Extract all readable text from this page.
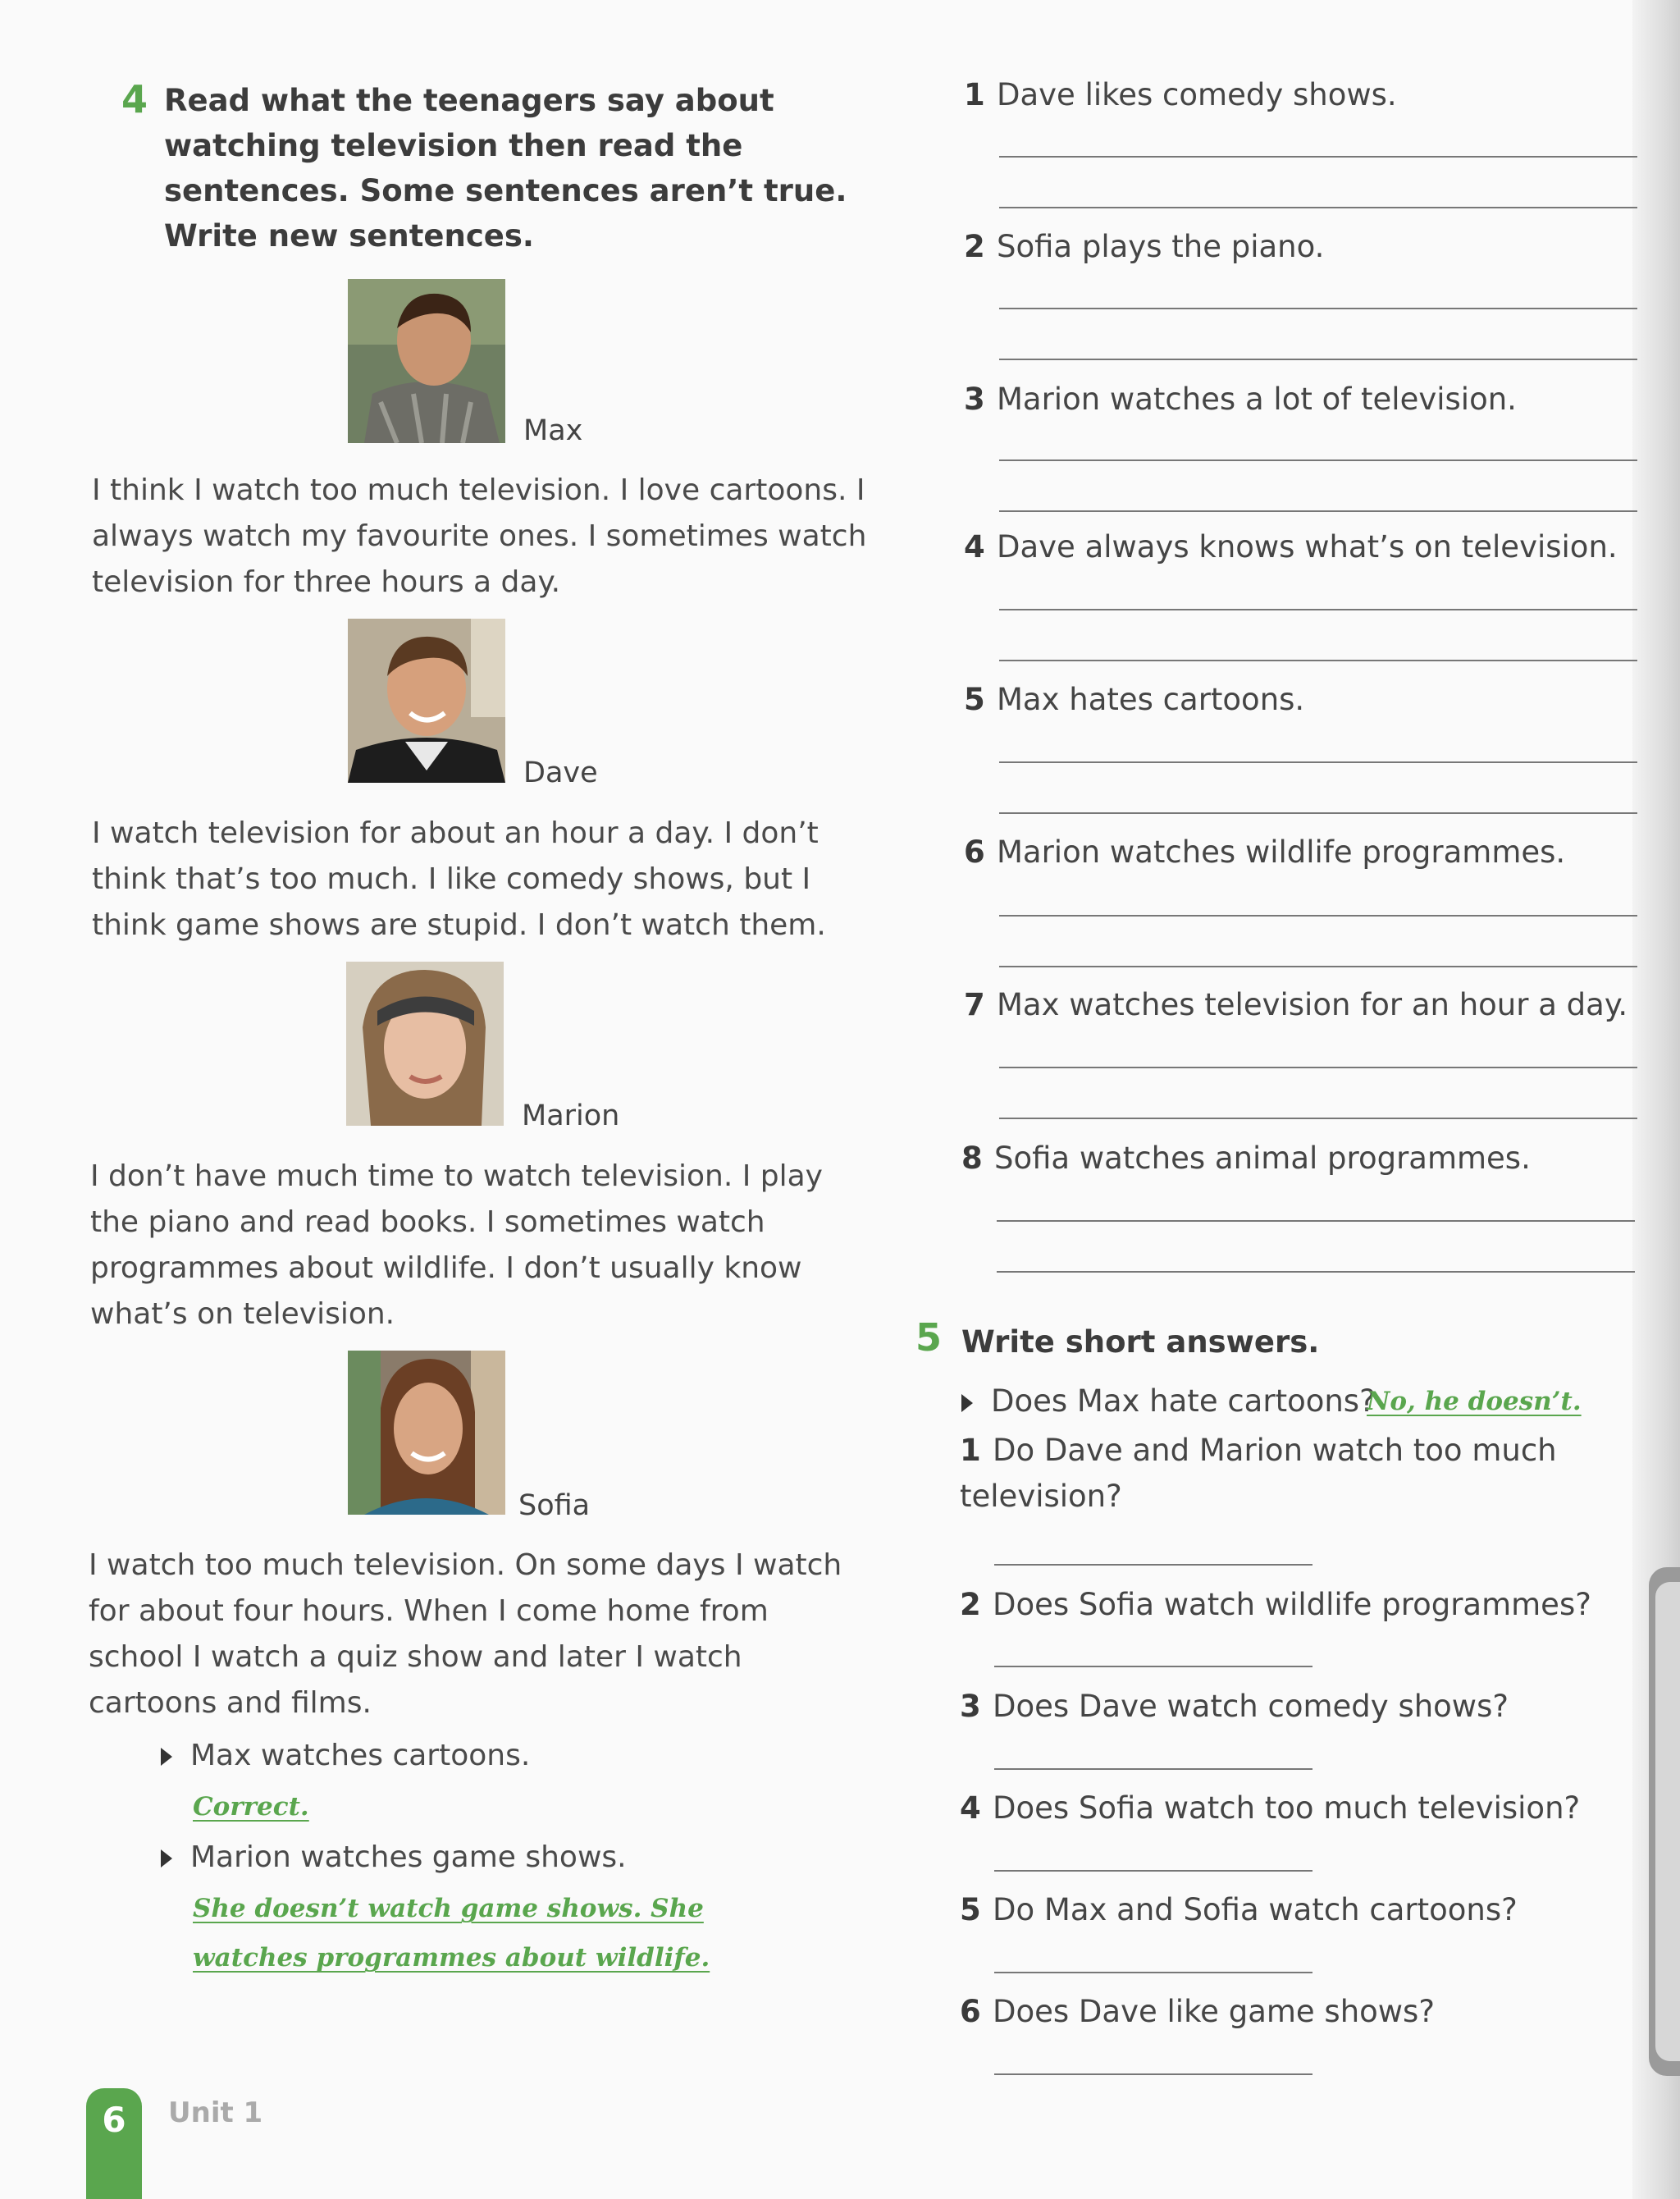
4 Read what the teenagers say about watching television then read the sentences. Some sentences aren’t true. Write new sentences.
Max
I think I watch too much television. I love cartoons. I always watch my favourite ones. I sometimes watch television for three hours a day.
Dave
I watch television for about an hour a day. I don’t think that’s too much. I like comedy shows, but I think game shows are stupid. I don’t watch them.
Marion
I don’t have much time to watch television. I play the piano and read books. I sometimes watch programmes about wildlife. I don’t usually know what’s on television.
Sofia
I watch too much television. On some days I watch for about four hours. When I come home from school I watch a quiz show and later I watch cartoons and films.
Max watches cartoons.
Correct.
Marion watches game shows.
She doesn’t watch game shows. She watches programmes about wildlife.
1 Dave likes comedy shows.
2 Sofia plays the piano.
3 Marion watches a lot of television.
4 Dave always knows what’s on television.
5 Max hates cartoons.
6 Marion watches wildlife programmes.
7 Max watches television for an hour a day.
8 Sofia watches animal programmes.
5 Write short answers.
Does Max hate cartoons?
No, he doesn’t.
1 Do Dave and Marion watch too much television?
2 Does Sofia watch wildlife programmes?
3 Does Dave watch comedy shows?
4 Does Sofia watch too much television?
5 Do Max and Sofia watch cartoons?
6 Does Dave like game shows?
6	Unit 1
